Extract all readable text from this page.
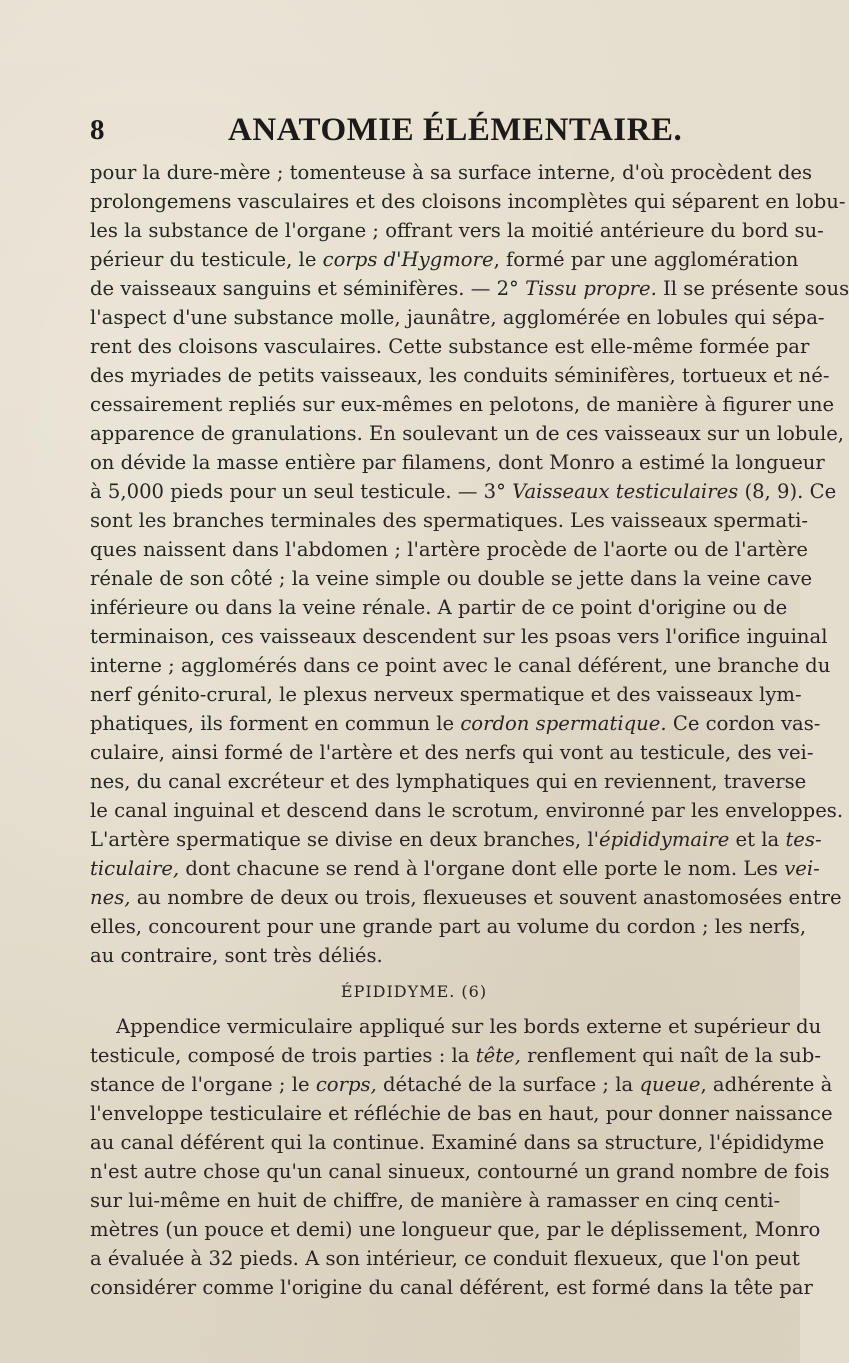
8	ANATOMIE ÉLÉMENTAIRE.
pour la dure-mère ; tomenteuse à sa surface interne, d'où procèdent des
prolongemens vasculaires et des cloisons incomplètes qui séparent en lobu-
les la substance de l'organe ; offrant vers la moitié antérieure du bord su-
périeur du testicule, le corps d'Hygmore, formé par une agglomération
de vaisseaux sanguins et séminifères. — 2° Tissu propre. Il se présente sous
l'aspect d'une substance molle, jaunâtre, agglomérée en lobules qui sépa-
rent des cloisons vasculaires. Cette substance est elle-même formée par
des myriades de petits vaisseaux, les conduits séminifères, tortueux et né-
cessairement repliés sur eux-mêmes en pelotons, de manière à figurer une
apparence de granulations. En soulevant un de ces vaisseaux sur un lobule,
on dévide la masse entière par filamens, dont Monro a estimé la longueur
à 5,000 pieds pour un seul testicule. — 3° Vaisseaux testiculaires (8, 9). Ce
sont les branches terminales des spermatiques. Les vaisseaux spermati-
ques naissent dans l'abdomen ; l'artère procède de l'aorte ou de l'artère
rénale de son côté ; la veine simple ou double se jette dans la veine cave
inférieure ou dans la veine rénale. A partir de ce point d'origine ou de
terminaison, ces vaisseaux descendent sur les psoas vers l'orifice inguinal
interne ; agglomérés dans ce point avec le canal déférent, une branche du
nerf génito-crural, le plexus nerveux spermatique et des vaisseaux lym-
phatiques, ils forment en commun le cordon spermatique. Ce cordon vas-
culaire, ainsi formé de l'artère et des nerfs qui vont au testicule, des vei-
nes, du canal excréteur et des lymphatiques qui en reviennent, traverse
le canal inguinal et descend dans le scrotum, environné par les enveloppes.
L'artère spermatique se divise en deux branches, l'épididymaire et la tes-
ticulaire, dont chacune se rend à l'organe dont elle porte le nom. Les vei-
nes, au nombre de deux ou trois, flexueuses et souvent anastomosées entre
elles, concourent pour une grande part au volume du cordon ; les nerfs,
au contraire, sont très déliés.
ÉPIDIDYME. (6)
Appendice vermiculaire appliqué sur les bords externe et supérieur du
testicule, composé de trois parties : la tête, renflement qui naît de la sub-
stance de l'organe ; le corps, détaché de la surface ; la queue, adhérente à
l'enveloppe testiculaire et réfléchie de bas en haut, pour donner naissance
au canal déférent qui la continue. Examiné dans sa structure, l'épididyme
n'est autre chose qu'un canal sinueux, contourné un grand nombre de fois
sur lui-même en huit de chiffre, de manière à ramasser en cinq centi-
mètres (un pouce et demi) une longueur que, par le déplissement, Monro
a évaluée à 32 pieds. A son intérieur, ce conduit flexueux, que l'on peut
considérer comme l'origine du canal déférent, est formé dans la tête par
